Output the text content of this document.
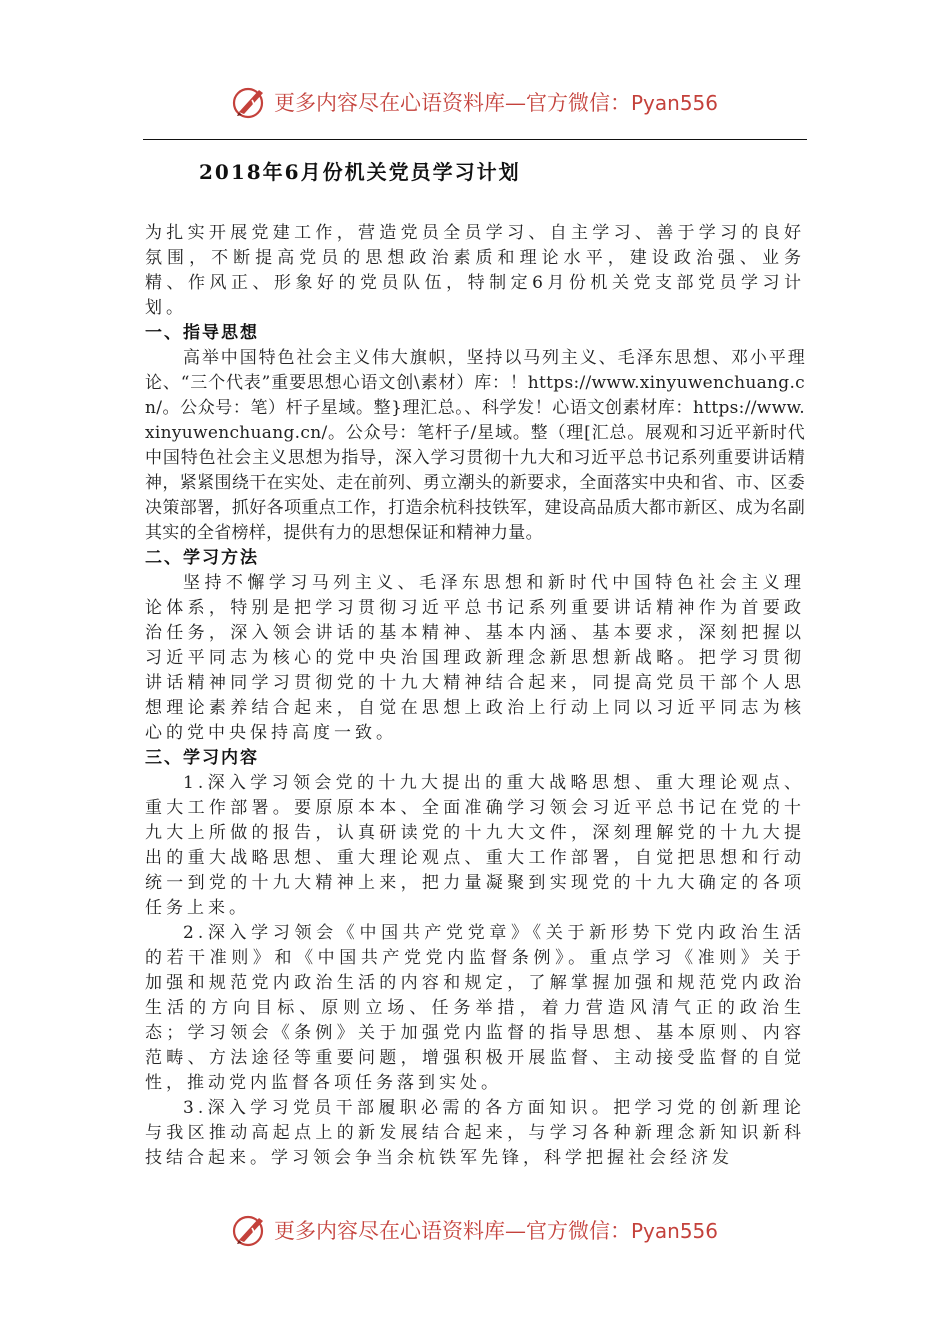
更多内容尽在心语资料库—官方微信：Pyan556
2018年6月份机关党员学习计划

为扎实开展党建工作，营造党员全员学习、自主学习、善于学习的良好氛围，不断提高党员的思想政治素质和理论水平，建设政治强、业务精、作风正、形象好的党员队伍，特制定6月份机关党支部党员学习计划。

一、指导思想

高举中国特色社会主义伟大旗帜，坚持以马列主义、毛泽东思想、邓小平理论、“三个代表”重要思想心语文创\素材）库：！https://www.xinyuwenchuang.cn/。公众号：笔）杆子星域。整}理汇总。、科学发！心语文创素材库：https://www.xinyuwenchuang.cn/。公众号：笔杆子/星域。整（理[汇总。展观和习近平新时代中国特色社会主义思想为指导，深入学习贯彻十九大和习近平总书记系列重要讲话精神，紧紧围绕干在实处、走在前列、勇立潮头的新要求，全面落实中央和省、市、区委决策部署，抓好各项重点工作，打造余杭科技铁军，建设高品质大都市新区、成为名副其实的全省榜样，提供有力的思想保证和精神力量。

二、学习方法

坚持不懈学习马列主义、毛泽东思想和新时代中国特色社会主义理论体系，特别是把学习贯彻习近平总书记系列重要讲话精神作为首要政治任务，深入领会讲话的基本精神、基本内涵、基本要求，深刻把握以习近平同志为核心的党中央治国理政新理念新思想新战略。把学习贯彻讲话精神同学习贯彻党的十九大精神结合起来，同提高党员干部个人思想理论素养结合起来，自觉在思想上政治上行动上同以习近平同志为核心的党中央保持高度一致。

三、学习内容

1.深入学习领会党的十九大提出的重大战略思想、重大理论观点、重大工作部署。要原原本本、全面准确学习领会习近平总书记在党的十九大上所做的报告，认真研读党的十九大文件，深刻理解党的十九大提出的重大战略思想、重大理论观点、重大工作部署，自觉把思想和行动统一到党的十九大精神上来，把力量凝聚到实现党的十九大确定的各项任务上来。

2.深入学习领会《中国共产党党章》《关于新形势下党内政治生活的若干准则》和《中国共产党党内监督条例》。重点学习《准则》关于加强和规范党内政治生活的内容和规定，了解掌握加强和规范党内政治生活的方向目标、原则立场、任务举措，着力营造风清气正的政治生态；学习领会《条例》关于加强党内监督的指导思想、基本原则、内容范畴、方法途径等重要问题，增强积极开展监督、主动接受监督的自觉性，推动党内监督各项任务落到实处。

3.深入学习党员干部履职必需的各方面知识。把学习党的创新理论与我区推动高起点上的新发展结合起来，与学习各种新理念新知识新科技结合起来。学习领会争当余杭铁军先锋，科学把握社会经济发

更多内容尽在心语资料库—官方微信：Pyan556
